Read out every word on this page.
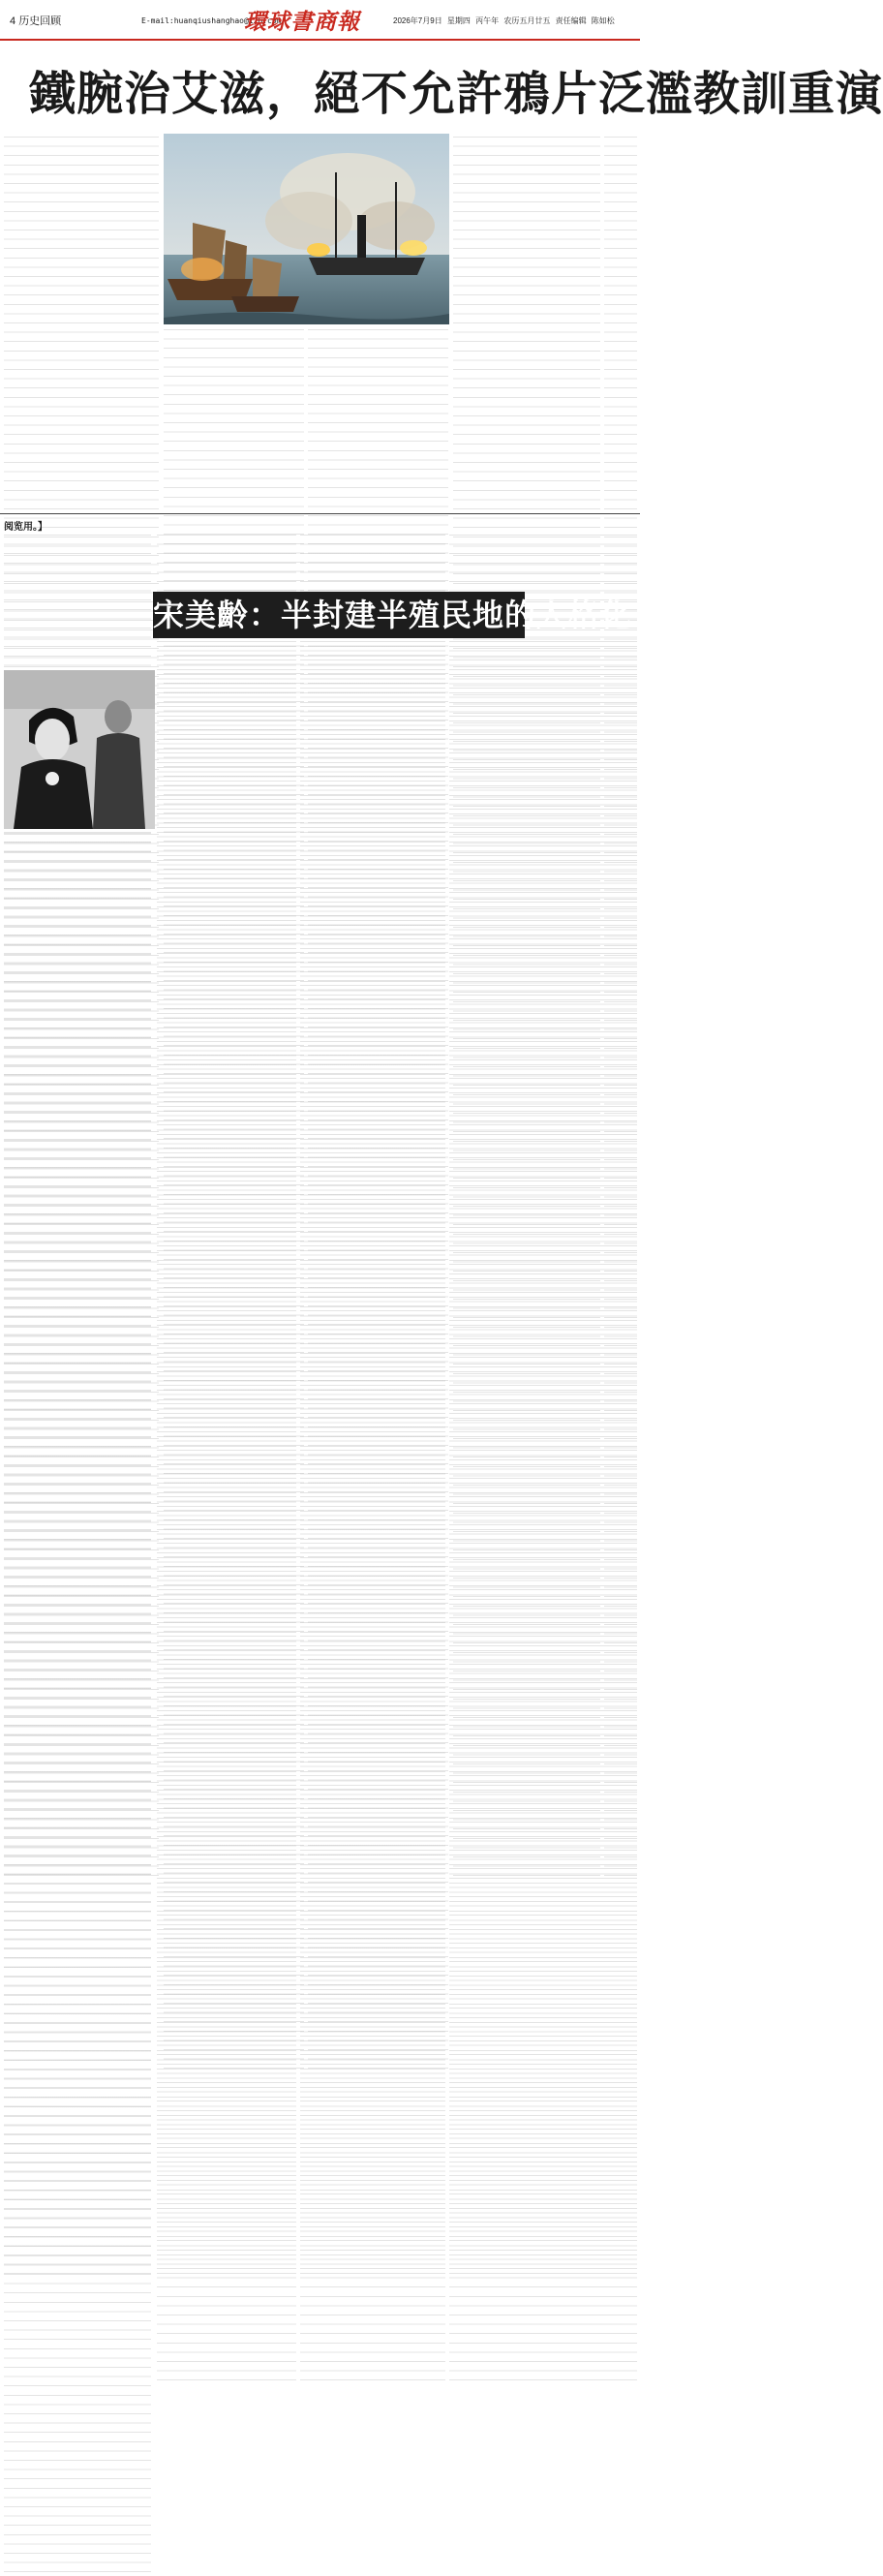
4 历史回顾	E-mail:huanqiushanghao@126.com
環球書商報	2026年7月9日 星期四 丙午年 农历五月廿五 责任编辑 陈如松
鐵腕治艾滋，絕不允許鴉片泛濫教訓重演
阅览用。】
宋美齡：半封建半殖民地的人格化
